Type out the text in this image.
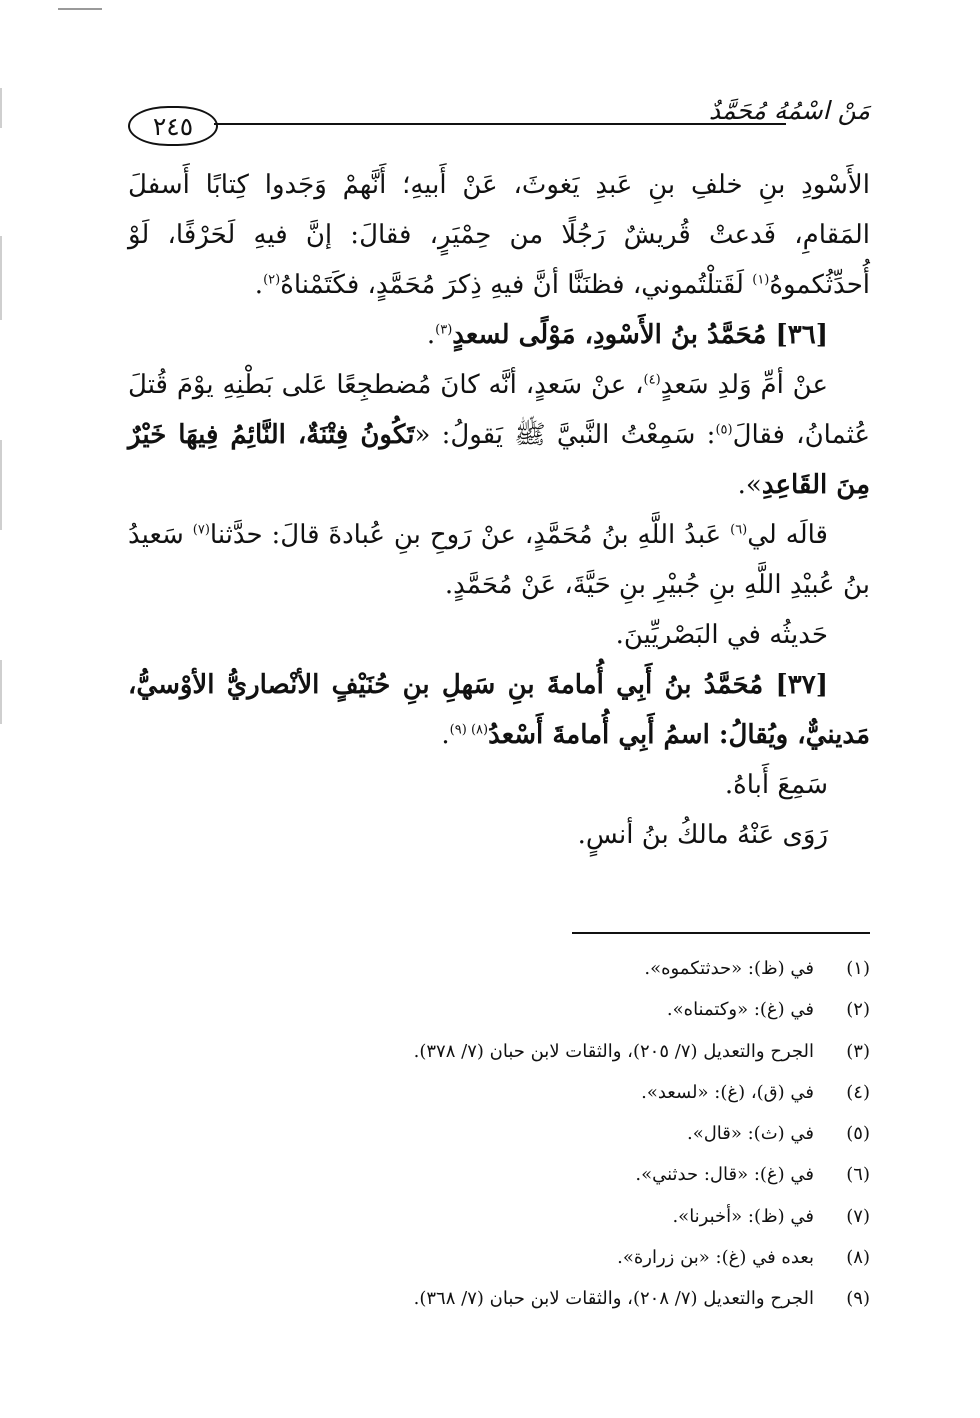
٢٤٥
مَنْ اسْمُهُ مُحَمَّدٌ

الأَسْودِ بنِ خلفِ بنِ عَبدِ يَغوثَ، عَنْ أَبيهِ؛ أَنَّهمْ وَجَدوا كِتابًا أَسفلَ المَقامِ، فَدعتْ قُريشٌ رَجُلًا من حِمْيَرٍ، فقالَ: إنَّ فيهِ لَحَرْفًا، لَوْ أُحدِّثُكموهُ$^{(١)}$ لَقَتلْتُموني، فظنَنَّا أنَّ فيهِ ذِكرَ مُحَمَّدٍ، فكَتَمْناهُ$^{(٢)}$.

[٣٦] مُحَمَّدُ بنُ الأَسْودِ، مَوْلًى لسعدٍ$^{(٣)}$.

عنْ أمِّ وَلدِ سَعدٍ$^{(٤)}$، عنْ سَعدٍ، أنَّه كانَ مُضطجِعًا عَلى بَطْنِهِ يوْمَ قُتلَ عُثمانُ، فقالَ$^{(٥)}$: سَمِعْتُ النَّبيَّ ﷺ يَقولُ: «تَكُونُ فِتْنَةٌ، النَّائِمُ فِيهَا خَيْرٌ مِنَ القَاعِدِ».

قالَه لي$^{(٦)}$ عَبدُ اللَّهِ بنُ مُحَمَّدٍ، عنْ رَوحِ بنِ عُبادةَ قالَ: حدَّثنا$^{(٧)}$ سَعيدُ بنُ عُبيْدِ اللَّهِ بنِ جُبيْرِ بنِ حَيَّةَ، عَنْ مُحَمَّدٍ.

حَديثُه في البَصْريِّينَ.

[٣٧] مُحَمَّدُ بنُ أَبِي أُمامةَ بنِ سَهلِ بنِ حُنَيْفٍ الأنْصاريُّ الأوْسيُّ، مَدينيٌّ، ويُقالُ: اسمُ أَبِي أُمامةَ أَسْعدُ$^{(٨) (٩)}$.

سَمِعَ أَباهُ.

رَوَى عَنْهُ مالكُ بنُ أنسٍ.

(١)
في (ظ): «حدثتكموه».
(٢)
في (غ): «وكتمناه».
(٣)
الجرح والتعديل (٧/ ٢٠٥)، والثقات لابن حبان (٧/ ٣٧٨).
(٤)
في (ق)، (غ): «لسعد».
(٥)
في (ث): «قال».
(٦)
في (غ): «قال: حدثني».
(٧)
في (ظ): «أخبرنا».
(٨)
بعده في (غ): «بن زرارة».
(٩)
الجرح والتعديل (٧/ ٢٠٨)، والثقات لابن حبان (٧/ ٣٦٨).
